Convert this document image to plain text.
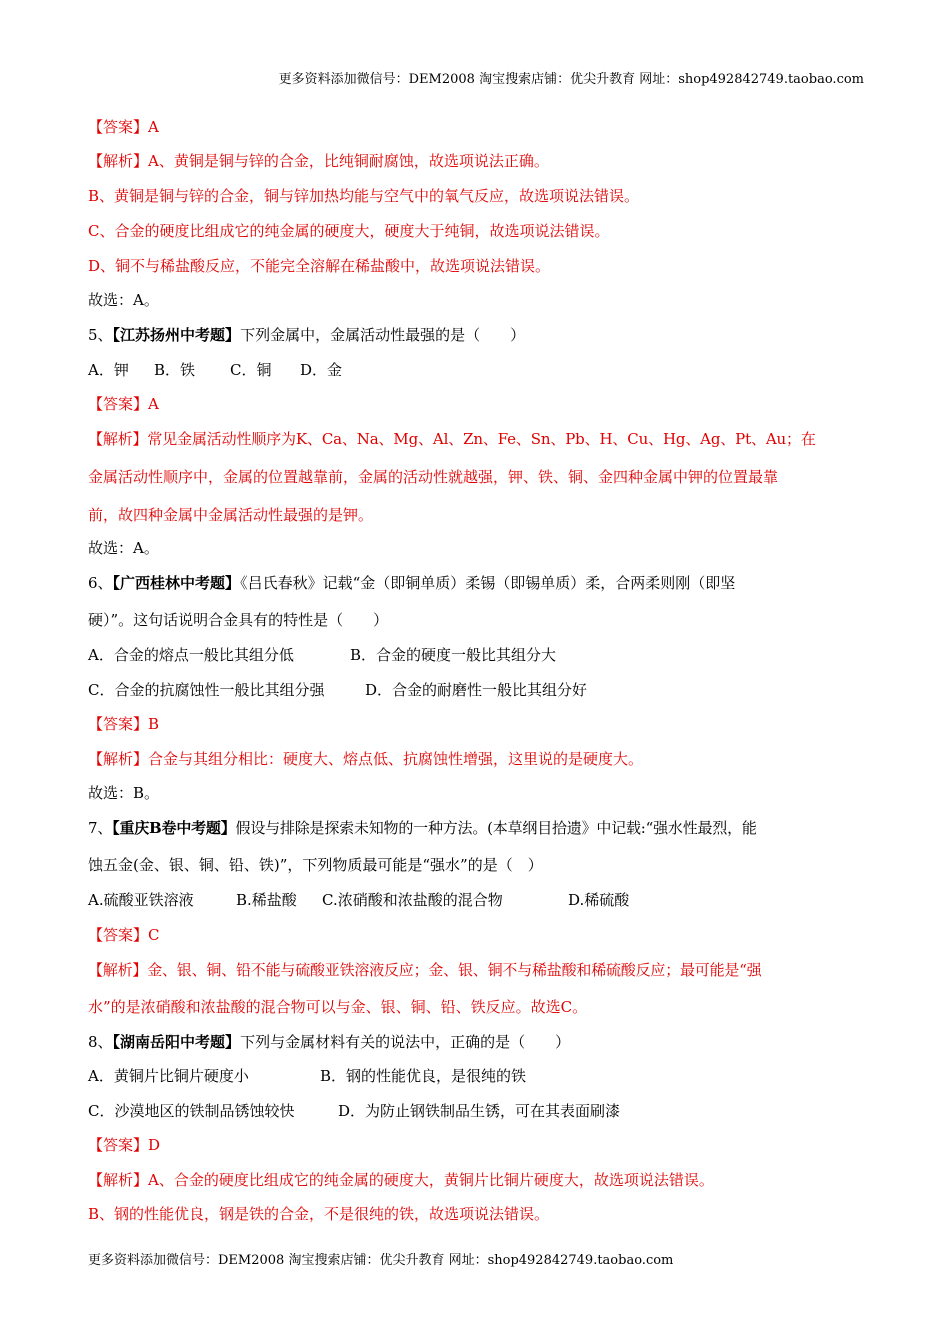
更多资料添加微信号：DEM2008 淘宝搜索店铺：优尖升教育 网址：shop492842749.taobao.com
【答案】A
【解析】A、黄铜是铜与锌的合金，比纯铜耐腐蚀，故选项说法正确。
B、黄铜是铜与锌的合金，铜与锌加热均能与空气中的氧气反应，故选项说法错误。
C、合金的硬度比组成它的纯金属的硬度大，硬度大于纯铜，故选项说法错误。
D、铜不与稀盐酸反应，不能完全溶解在稀盐酸中，故选项说法错误。
故选：A。
5、【江苏扬州中考题】下列金属中，金属活动性最强的是（　　）
A．钾 B．铁 C．铜 D．金
【答案】A
【解析】常见金属活动性顺序为K、Ca、Na、Mg、Al、Zn、Fe、Sn、Pb、H、Cu、Hg、Ag、Pt、Au；在
金属活动性顺序中，金属的位置越靠前，金属的活动性就越强，钾、铁、铜、金四种金属中钾的位置最靠
前，故四种金属中金属活动性最强的是钾。
故选：A。
6、【广西桂林中考题】《吕氏春秋》记载“金（即铜单质）柔锡（即锡单质）柔，合两柔则刚（即坚
硬）”。这句话说明合金具有的特性是（　　）
A．合金的熔点一般比其组分低	B．合金的硬度一般比其组分大
C．合金的抗腐蚀性一般比其组分强	D．合金的耐磨性一般比其组分好
【答案】B
【解析】合金与其组分相比：硬度大、熔点低、抗腐蚀性增强，这里说的是硬度大。
故选：B。
7、【重庆B卷中考题】假设与排除是探索未知物的一种方法。(本草纲目拾遗》中记载:“强水性最烈，能
蚀五金(金、银、铜、铅、铁)”，下列物质最可能是“强水”的是（　）
A.硫酸亚铁溶液	B.稀盐酸 C.浓硝酸和浓盐酸的混合物	D.稀硫酸
【答案】C
【解析】金、银、铜、铅不能与硫酸亚铁溶液反应；金、银、铜不与稀盐酸和稀硫酸反应；最可能是“强
水”的是浓硝酸和浓盐酸的混合物可以与金、银、铜、铅、铁反应。故选C。
8、【湖南岳阳中考题】下列与金属材料有关的说法中，正确的是（　　）
A．黄铜片比铜片硬度小	B．钢的性能优良，是很纯的铁
C．沙漠地区的铁制品锈蚀较快	D．为防止钢铁制品生锈，可在其表面刷漆
【答案】D
【解析】A、合金的硬度比组成它的纯金属的硬度大，黄铜片比铜片硬度大，故选项说法错误。
B、钢的性能优良，钢是铁的合金，不是很纯的铁，故选项说法错误。
更多资料添加微信号：DEM2008 淘宝搜索店铺：优尖升教育 网址：shop492842749.taobao.com
